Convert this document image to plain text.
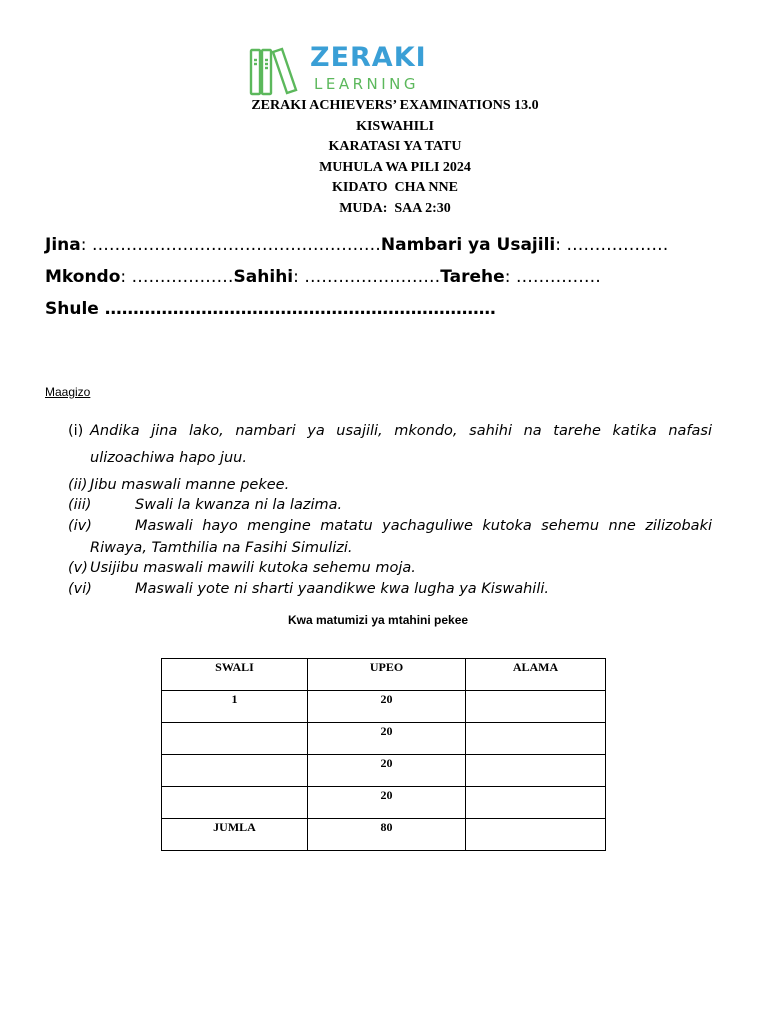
ZERAKI
LEARNING
ZERAKI ACHIEVERS’ EXAMINATIONS 13.0
KISWAHILI
KARATASI YA TATU
MUHULA WA PILI 2024
KIDATO  CHA NNE
MUDA:  SAA 2:30
Jina: ……………………………………………Nambari ya Usajili: ………………
Mkondo: ………………Sahihi: ……………………Tarehe: ……………
Shule ……………………………………………………………
Maagizo
(i) Andika jina lako, nambari ya usajili, mkondo, sahihi na tarehe katika nafasi
ulizoachiwa hapo juu.
(ii) Jibu maswali manne pekee.
(iii)	Swali la kwanza ni la lazima.
(iv)	Maswali hayo mengine matatu yachaguliwe kutoka sehemu nne zilizobaki
Riwaya, Tamthilia na Fasihi Simulizi.
(v) Usijibu maswali mawili kutoka sehemu moja.
(vi)	Maswali yote ni sharti yaandikwe kwa lugha ya Kiswahili.
Kwa matumizi ya mtahini pekee
SWALI	UPEO	ALAMA
1	20	
	20	
	20	
	20	
JUMLA	80	
